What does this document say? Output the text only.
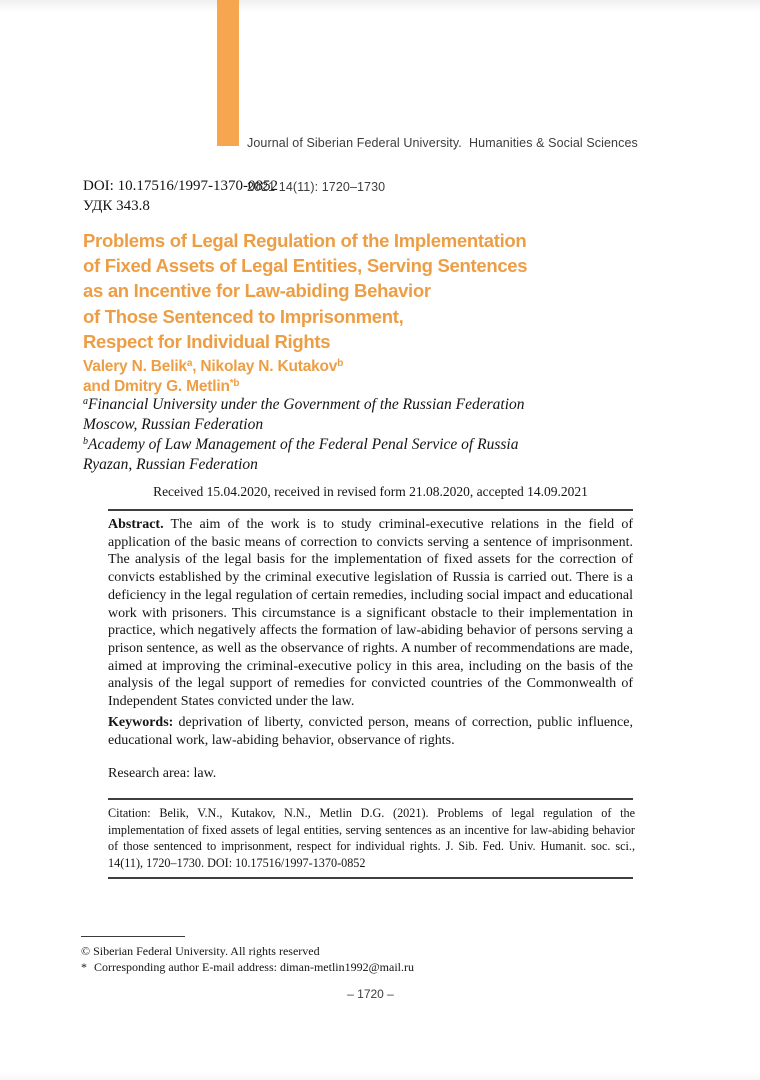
Journal of Siberian Federal University.  Humanities & Social Sciences

2021 14(11): 1720–1730

DOI: 10.17516/1997-1370-0852
УДК 343.8
Problems of Legal Regulation of the Implementation
of Fixed Assets of Legal Entities, Serving Sentences
as an Incentive for Law-abiding Behavior
of Those Sentenced to Imprisonment,
Respect for Individual Rights
Valery N. Belik$^a$, Nikolay N. Kutakov$^b$
and Dmitry G. Metlin$^{*b}$
$^a$Financial University under the Government of the Russian Federation
Moscow, Russian Federation
$^b$Academy of Law Management of the Federal Penal Service of Russia
Ryazan, Russian Federation
Received 15.04.2020, received in revised form 21.08.2020, accepted 14.09.2021
Abstract. The aim of the work is to study criminal-executive relations in the field of application of the basic means of correction to convicts serving a sentence of imprisonment. The analysis of the legal basis for the implementation of fixed assets for the correction of convicts established by the criminal executive legislation of Russia is carried out. There is a deficiency in the legal regulation of certain remedies, including social impact and educational work with prisoners. This circumstance is a significant obstacle to their implementation in practice, which negatively affects the formation of law-abiding behavior of persons serving a prison sentence, as well as the observance of rights. A number of recommendations are made, aimed at improving the criminal-executive policy in this area, including on the basis of the analysis of the legal support of remedies for convicted countries of the Commonwealth of Independent States convicted under the law.
Keywords: deprivation of liberty, convicted person, means of correction, public influence, educational work, law-abiding behavior, observance of rights.
Research area: law.
Citation: Belik, V.N., Kutakov, N.N., Metlin D.G. (2021). Problems of legal regulation of the implementation of fixed assets of legal entities, serving sentences as an incentive for law-abiding behavior of those sentenced to imprisonment, respect for individual rights. J. Sib. Fed. Univ. Humanit. soc. sci., 14(11), 1720–1730. DOI: 10.17516/1997-1370-0852
© Siberian Federal University. All rights reserved
* Corresponding author E-mail address: diman-metlin1992@mail.ru
– 1720 –
